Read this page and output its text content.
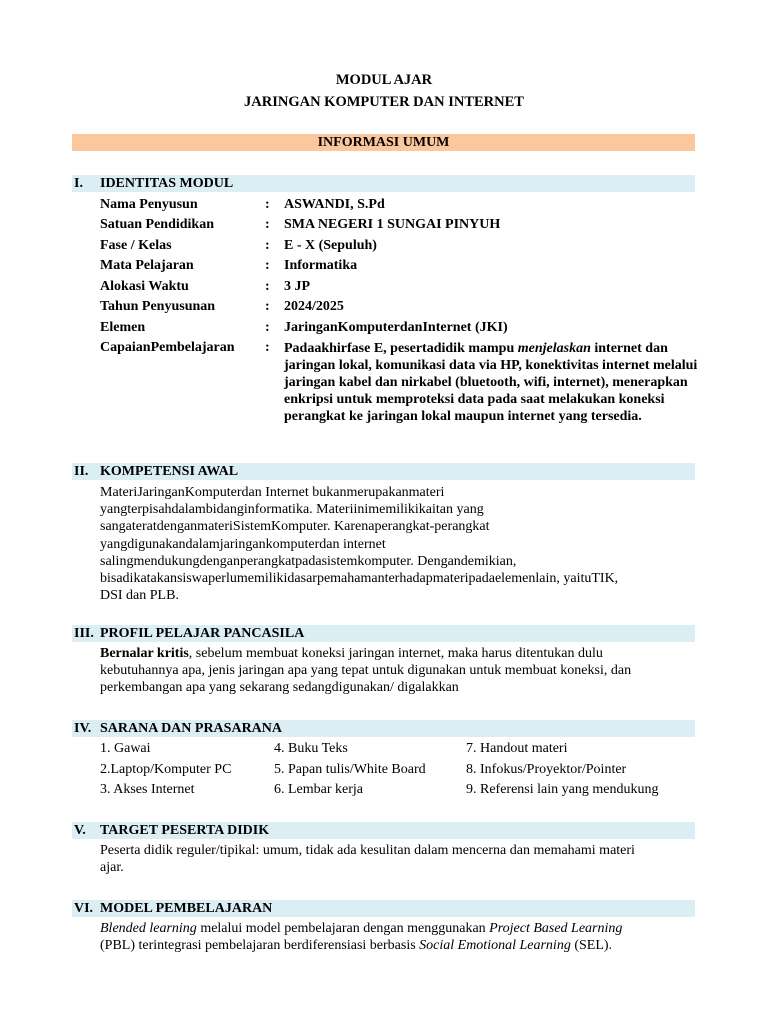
MODUL AJAR
JARINGAN KOMPUTER DAN INTERNET
INFORMASI UMUM
I. IDENTITAS MODUL
Nama Penyusun	: ASWANDI, S.Pd
Satuan Pendidikan	: SMA NEGERI 1 SUNGAI PINYUH
Fase / Kelas	: E - X (Sepuluh)
Mata Pelajaran	: Informatika
Alokasi Waktu	: 3 JP
Tahun Penyusunan	: 2024/2025
Elemen	: JaringanKomputerdanInternet (JKI)
CapaianPembelajaran : Padaakhirfase E, pesertadidik mampu menjelaskan internet dan jaringan lokal, komunikasi data via HP, konektivitas internet melalui jaringan kabel dan nirkabel (bluetooth, wifi, internet), menerapkan enkripsi untuk memproteksi data pada saat melakukan koneksi perangkat ke jaringan lokal maupun internet yang tersedia.
II. KOMPETENSI AWAL
MateriJaringanKomputerdan Internet bukanmerupakanmateri
yangterpisahdalambidanginformatika. Materiinimemilikikaitan yang
sangateratdenganmateriSistemKomputer. Karenaperangkat-perangkat
yangdigunakandalamjaringankomputerdan internet
salingmendukungdenganperangkatpadasistemkomputer. Dengandemikian,
bisadikatakansiswaperlumemilikidasarpemahamanterhadapmateripadaelemenlain, yaituTIK,
DSI dan PLB.
III. PROFIL PELAJAR PANCASILA
Bernalar kritis, sebelum membuat koneksi jaringan internet, maka harus ditentukan dulu
kebutuhannya apa, jenis jaringan apa yang tepat untuk digunakan untuk membuat koneksi, dan
perkembangan apa yang sekarang sedangdigunakan/ digalakkan
IV. SARANA DAN PRASARANA
1. Gawai
2.Laptop/Komputer PC
3. Akses Internet
4. Buku Teks
5. Papan tulis/White Board
6. Lembar kerja
7. Handout materi
8. Infokus/Proyektor/Pointer
9. Referensi lain yang mendukung
V. TARGET PESERTA DIDIK
Peserta didik reguler/tipikal: umum, tidak ada kesulitan dalam mencerna dan memahami materi
ajar.
VI. MODEL PEMBELAJARAN
Blended learning melalui model pembelajaran dengan menggunakan Project Based Learning
(PBL) terintegrasi pembelajaran berdiferensiasi berbasis Social Emotional Learning (SEL).
